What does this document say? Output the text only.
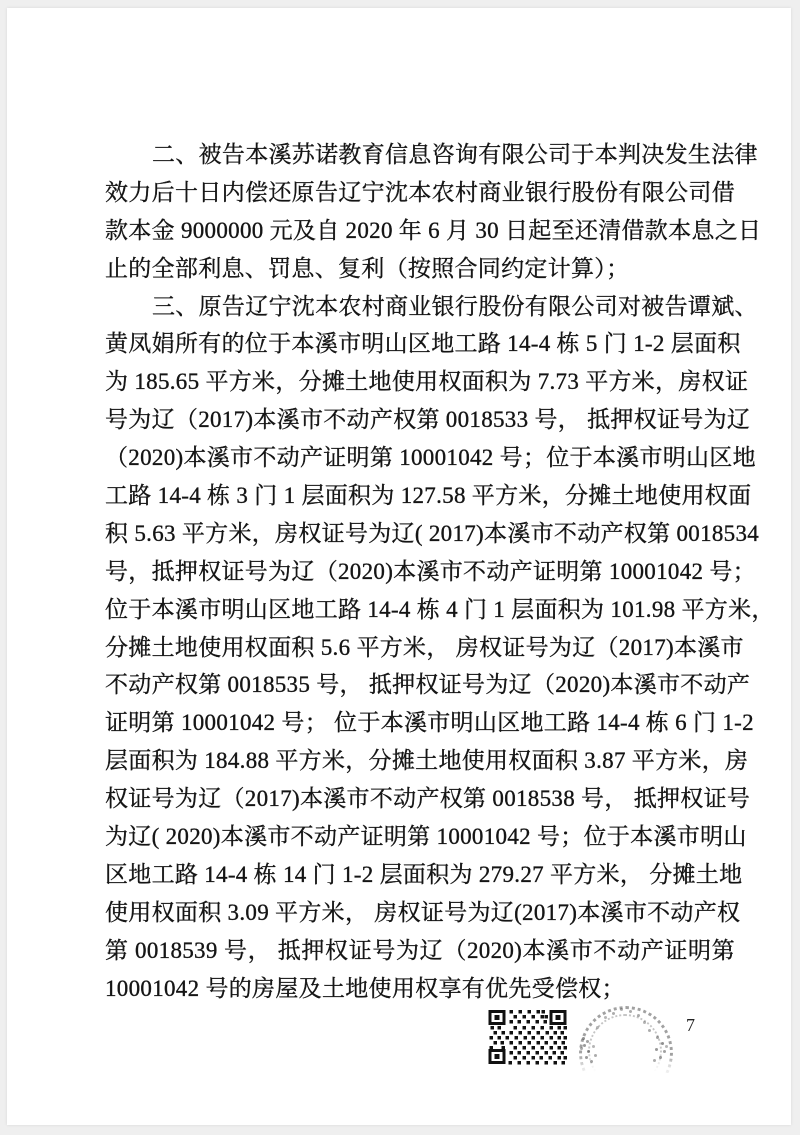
二、被告本溪苏诺教育信息咨询有限公司于本判决发生法律
效力后十日内偿还原告辽宁沈本农村商业银行股份有限公司借
款本金 9000000 元及自 2020 年 6 月 30 日起至还清借款本息之日
止的全部利息、罚息、复利（按照合同约定计算）；
三、原告辽宁沈本农村商业银行股份有限公司对被告谭斌、
黄凤娟所有的位于本溪市明山区地工路 14-4 栋 5 门 1-2 层面积
为 185.65 平方米，分摊土地使用权面积为 7.73 平方米，房权证
号为辽（2017)本溪市不动产权第 0018533 号， 抵押权证号为辽
（2020)本溪市不动产证明第 10001042 号；位于本溪市明山区地
工路 14-4 栋 3 门 1 层面积为 127.58 平方米，分摊土地使用权面
积 5.63 平方米，房权证号为辽( 2017)本溪市不动产权第 0018534
号，抵押权证号为辽（2020)本溪市不动产证明第 10001042 号；
位于本溪市明山区地工路 14-4 栋 4 门 1 层面积为 101.98 平方米，
分摊土地使用权面积 5.6 平方米， 房权证号为辽（2017)本溪市
不动产权第 0018535 号， 抵押权证号为辽（2020)本溪市不动产
证明第 10001042 号； 位于本溪市明山区地工路 14-4 栋 6 门 1-2
层面积为 184.88 平方米，分摊土地使用权面积 3.87 平方米，房
权证号为辽（2017)本溪市不动产权第 0018538 号， 抵押权证号
为辽( 2020)本溪市不动产证明第 10001042 号；位于本溪市明山
区地工路 14-4 栋 14 门 1-2 层面积为 279.27 平方米， 分摊土地
使用权面积 3.09 平方米， 房权证号为辽(2017)本溪市不动产权
第 0018539 号， 抵押权证号为辽（2020)本溪市不动产证明第
10001042 号的房屋及土地使用权享有优先受偿权；
7
